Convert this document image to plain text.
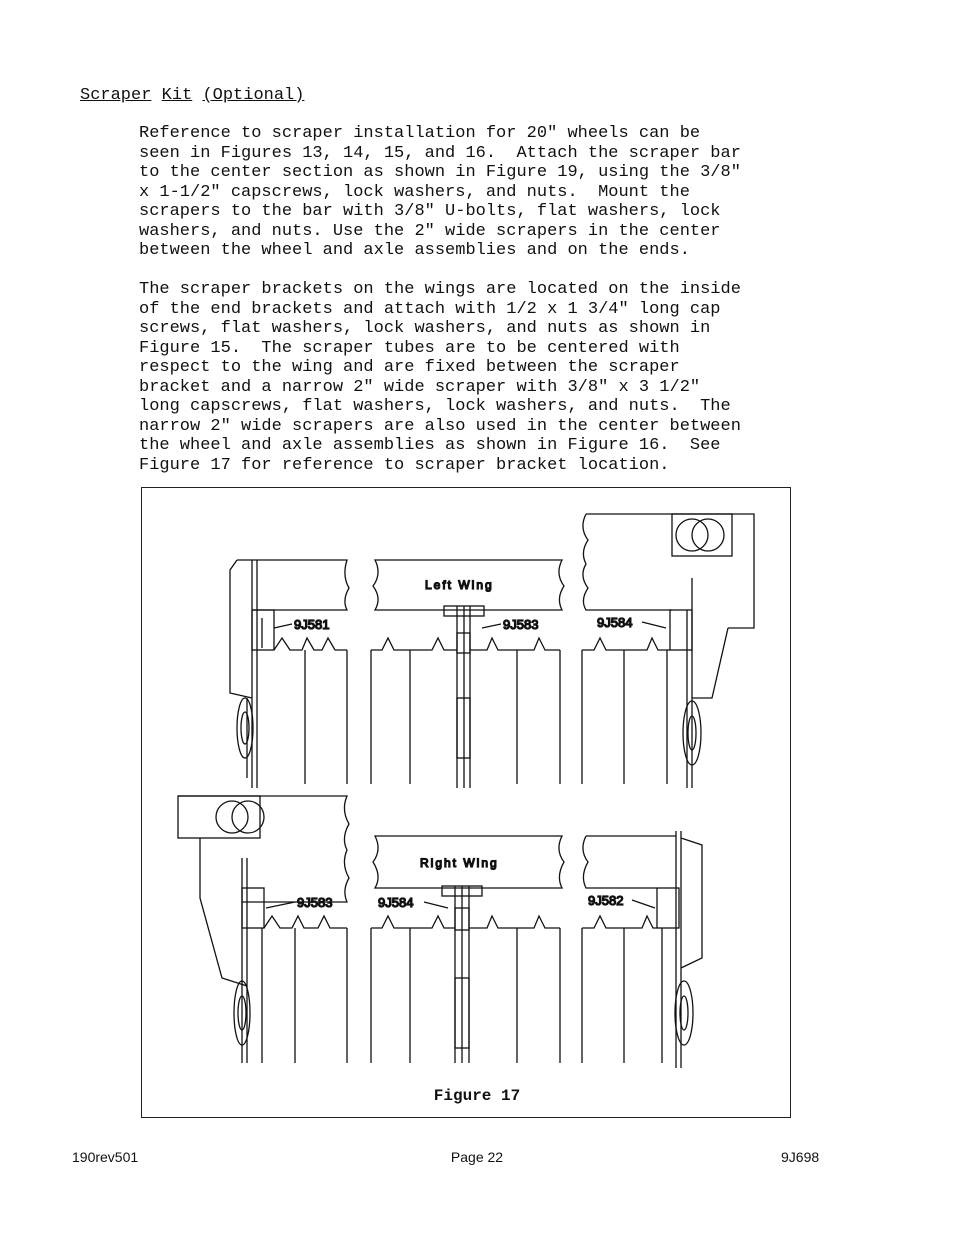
Scraper Kit (Optional)

Reference to scraper installation for 20" wheels can be
seen in Figures 13, 14, 15, and 16.  Attach the scraper bar
to the center section as shown in Figure 19, using the 3/8"
x 1-1/2" capscrews, lock washers, and nuts.  Mount the
scrapers to the bar with 3/8" U-bolts, flat washers, lock
washers, and nuts. Use the 2" wide scrapers in the center
between the wheel and axle assemblies and on the ends.

The scraper brackets on the wings are located on the inside
of the end brackets and attach with 1/2 x 1 3/4" long cap
screws, flat washers, lock washers, and nuts as shown in
Figure 15.  The scraper tubes are to be centered with
respect to the wing and are fixed between the scraper
bracket and a narrow 2" wide scraper with 3/8" x 3 1/2"
long capscrews, flat washers, lock washers, and nuts.  The
narrow 2" wide scrapers are also used in the center between
the wheel and axle assemblies as shown in Figure 16.  See
Figure 17 for reference to scraper bracket location.

9J581
Left Wing
9J583	9J584
9J583
Right Wing
9J584	9J582
Figure 17
190rev501	Page 22	9J698
